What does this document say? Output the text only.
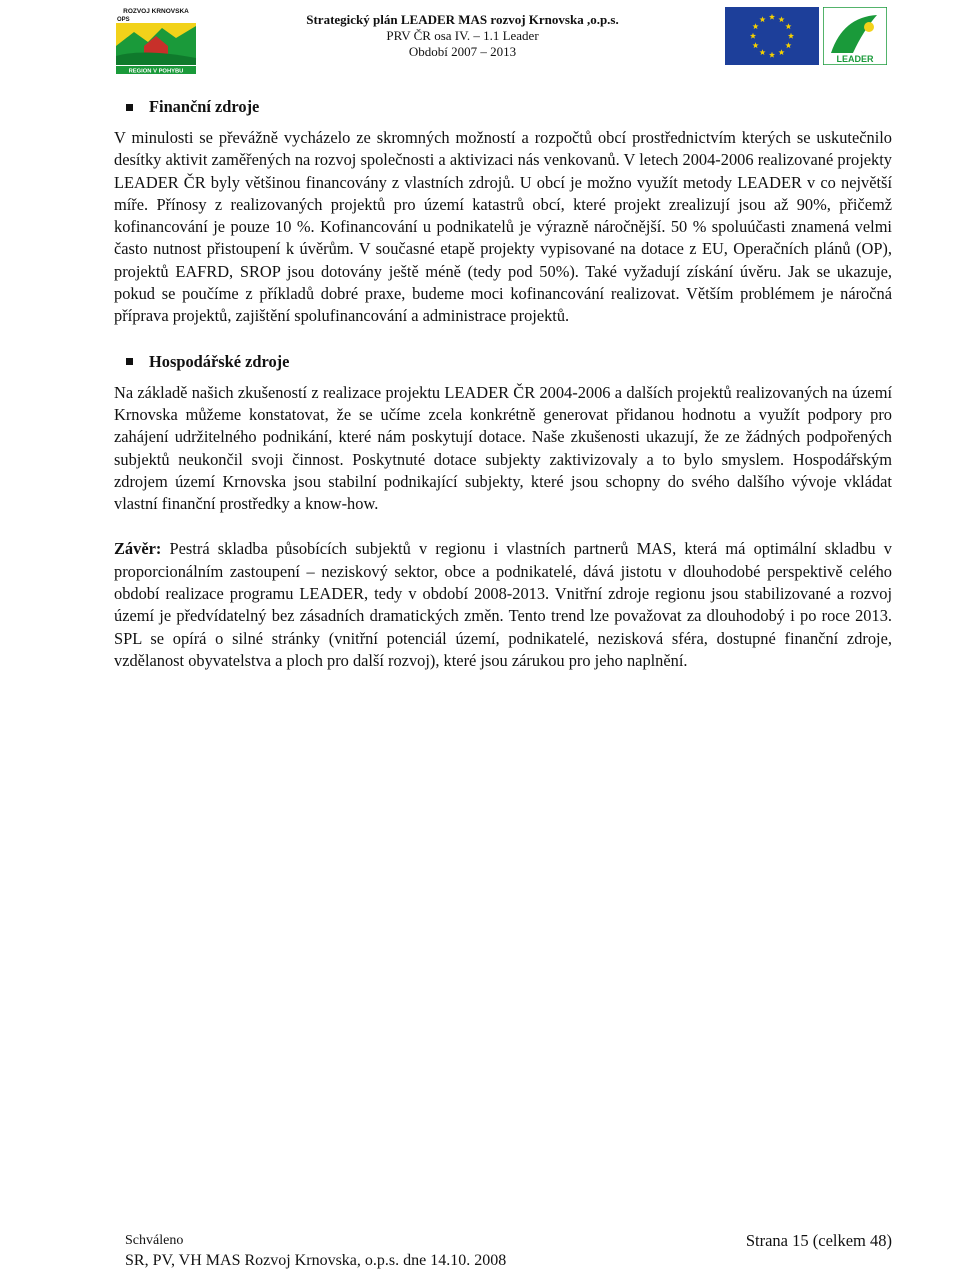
ROZVOJ KRNOVSKA
OPS
REGION V POHYBU
Strategický plán LEADER MAS rozvoj Krnovska ,o.p.s.
PRV ČR osa IV. – 1.1 Leader
Období 2007 – 2013	LEADER
Finanční zdroje

V minulosti se převážně vycházelo ze skromných možností a rozpočtů obcí prostřednictvím kterých se uskutečnilo desítky aktivit zaměřených na rozvoj společnosti a aktivizaci nás venkovanů. V letech 2004-2006 realizované projekty LEADER ČR byly většinou financovány z vlastních zdrojů. U obcí je možno využít metody LEADER v co největší míře. Přínosy z realizovaných projektů pro území katastrů obcí, které projekt zrealizují jsou až 90%, přičemž kofinancování je pouze 10 %. Kofinancování u podnikatelů je výrazně náročnější. 50 % spoluúčasti znamená velmi často nutnost přistoupení k úvěrům. V současné etapě projekty vypisované na dotace z EU, Operačních plánů (OP), projektů EAFRD, SROP jsou dotovány ještě méně (tedy pod 50%). Také vyžadují získání úvěru. Jak se ukazuje, pokud se poučíme z příkladů dobré praxe, budeme moci kofinancování realizovat. Větším problémem je náročná příprava projektů, zajištění spolufinancování a administrace projektů.

Hospodářské zdroje

Na základě našich zkušeností z realizace projektu LEADER ČR 2004-2006 a dalších projektů realizovaných na území Krnovska můžeme konstatovat, že se učíme zcela konkrétně generovat přidanou hodnotu a využít podpory pro zahájení udržitelného podnikání, které nám poskytují dotace. Naše zkušenosti ukazují, že ze žádných podpořených subjektů neukončil svoji činnost. Poskytnuté dotace subjekty zaktivizovaly a to bylo smyslem. Hospodářským zdrojem území Krnovska jsou stabilní podnikající subjekty, které jsou schopny do svého dalšího vývoje vkládat vlastní finanční prostředky a know-how.

Závěr: Pestrá skladba působících subjektů v regionu i vlastních partnerů MAS, která má optimální skladbu v proporcionálním zastoupení – neziskový sektor, obce a podnikatelé, dává jistotu v dlouhodobé perspektivě celého období realizace programu LEADER, tedy v období 2008-2013. Vnitřní zdroje regionu jsou stabilizované a rozvoj území je předvídatelný bez zásadních dramatických změn. Tento trend lze považovat za dlouhodobý i po roce 2013. SPL se opírá o silné stránky (vnitřní potenciál území, podnikatelé, nezisková sféra, dostupné finanční zdroje, vzdělanost obyvatelstva a ploch pro další rozvoj), které jsou zárukou pro jeho naplnění.

Schváleno	Strana 15 (celkem 48)
SR, PV, VH MAS Rozvoj Krnovska, o.p.s. dne 14.10. 2008
